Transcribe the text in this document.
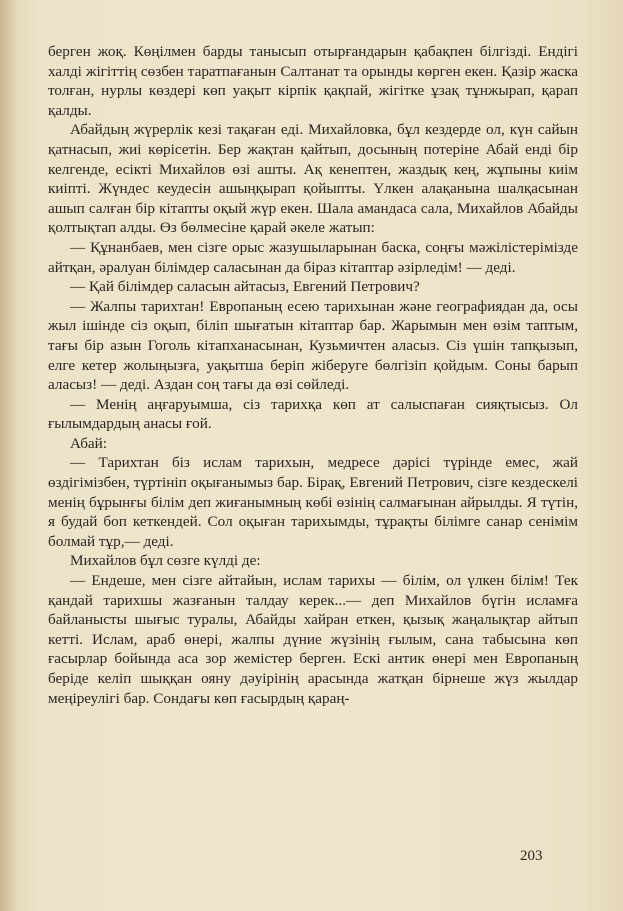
берген жоқ. Көңілмен барды танысып отырғандарын қабақпен білгізді. Ендігі халді жігіттің сөзбен таратпағанын Салтанат та орынды көрген екен. Қазір жаска толған, нурлы көздері көп уақыт кірпік қақпай, жігітке ұзақ тұнжырап, қарап қалды.

Абайдың жүрерлік кезі тақаған еді. Михайловка, бұл кездерде ол, күн сайын қатнасып, жиі көрісетін. Бер жақтан қайтып, досының потеріне Абай енді бір келгенде, есікті Михайлов өзі ашты. Ақ кенептен, жаздық кең, жұпыны киім киіпті. Жүндес кеудесін ашыңқырап қойыпты. Үлкен алақанына шалқасынан ашып салған бір кітапты оқый жүр екен. Шала амандаса сала, Михайлов Абайды қолтықтап алды. Өз бөлмесіне қарай әкеле жатып:

— Құнанбаев, мен сізге орыс жазушыларынан баска, соңғы мәжілістерімізде айтқан, әралуан білімдер саласынан да біраз кітаптар әзірледім! — деді.

— Қай білімдер саласын айтасыз, Евгений Петрович?

— Жалпы тарихтан! Европаның есею тарихынан және географиядан да, осы жыл ішінде сіз оқып, біліп шығатын кітаптар бар. Жарымын мен өзім таптым, тағы бір азын Гоголь кітапханасынан, Кузьмичтен аласыз. Сіз үшін тапқызып, елге кетер жолыңызға, уақытша беріп жіберуге бөлгізіп қойдым. Соны барып аласыз! — деді. Аздан соң тағы да өзі сөйледі.

— Менің аңғаруымша, сіз тарихқа көп ат салыспаған сияқтысыз. Ол ғылымдардың анасы ғой.

Абай:

— Тарихтан біз ислам тарихын, медресе дәрісі түрінде емес, жай өздігімізбен, түртініп оқығанымыз бар. Бірақ, Евгений Петрович, сізге кездескелі менің бұрынғы білім деп жиғанымның көбі өзінің салмағынан айрылды. Я түтін, я будай боп кеткендей. Сол оқыған тарихымды, тұрақты білімге санар сенімім болмай тұр,— деді.

Михайлов бұл сөзге күлді де:

— Ендеше, мен сізге айтайын, ислам тарихы — білім, ол үлкен білім! Тек қандай тарихшы жазғанын талдау керек...— деп Михайлов бүгін исламға байланысты шығыс туралы, Абайды хайран еткен, қызық жаңалықтар айтып кетті. Ислам, араб өнері, жалпы дүние жүзінің ғылым, сана табысына көп ғасырлар бойында аса зор жемістер берген. Ескі антик өнері мен Европаның беріде келіп шыққан ояну дәуірінің арасында жатқан бірнеше жүз жылдар меңіреулігі бар. Сондағы көп ғасырдың қараң-

203
